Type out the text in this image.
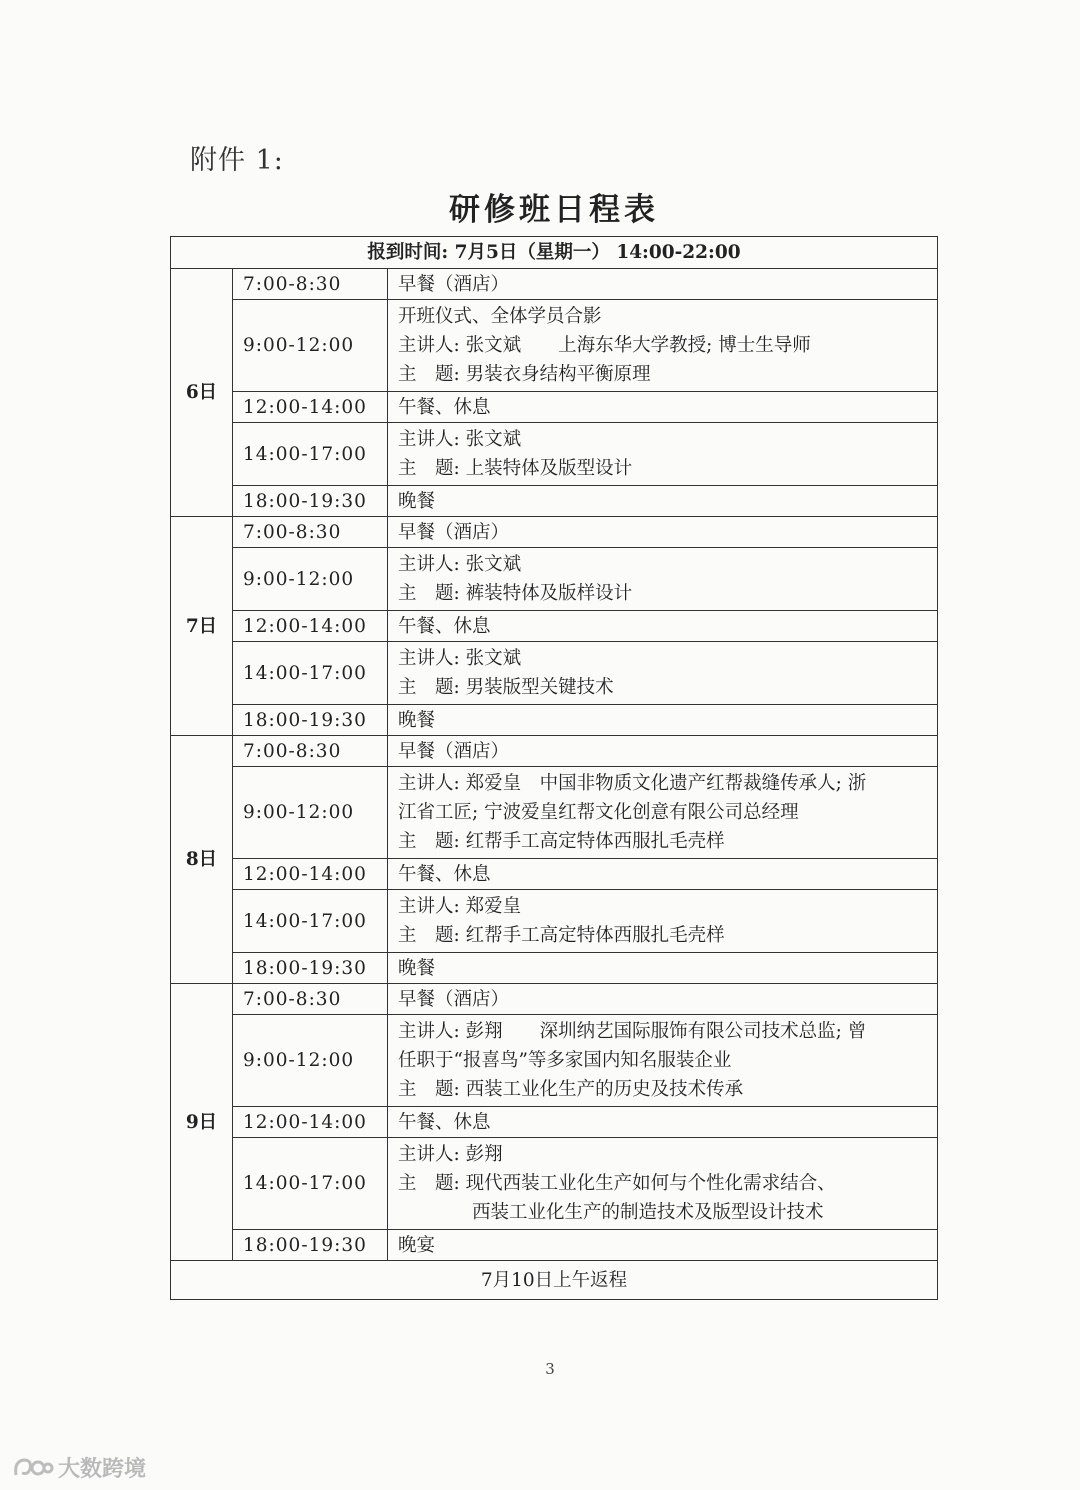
附件 1:
研修班日程表
报到时间: 7月5日（星期一） 14:00-22:00		
6日	7:00-8:30	早餐（酒店）

	9:00-12:00	开班仪式、全体学员合影
主讲人: 张文斌　　上海东华大学教授; 博士生导师
主　题: 男装衣身结构平衡原理

	12:00-14:00	午餐、休息

	14:00-17:00	主讲人: 张文斌
主　题: 上装特体及版型设计

	18:00-19:30	晚餐

7日	7:00-8:30	早餐（酒店）

	9:00-12:00	主讲人: 张文斌
主　题: 裤装特体及版样设计

	12:00-14:00	午餐、休息

	14:00-17:00	主讲人: 张文斌
主　题: 男装版型关键技术

	18:00-19:30	晚餐

8日	7:00-8:30	早餐（酒店）

	9:00-12:00	主讲人: 郑爱皇　中国非物质文化遗产红帮裁缝传承人; 浙
江省工匠; 宁波爱皇红帮文化创意有限公司总经理
主　题: 红帮手工高定特体西服扎毛壳样

	12:00-14:00	午餐、休息

	14:00-17:00	主讲人: 郑爱皇
主　题: 红帮手工高定特体西服扎毛壳样

	18:00-19:30	晚餐

9日	7:00-8:30	早餐（酒店）

	9:00-12:00	主讲人: 彭翔　　深圳纳艺国际服饰有限公司技术总监; 曾
任职于“报喜鸟”等多家国内知名服装企业
主　题: 西装工业化生产的历史及技术传承

	12:00-14:00	午餐、休息

	14:00-17:00	主讲人: 彭翔
主　题: 现代西装工业化生产如何与个性化需求结合、
　　　　西装工业化生产的制造技术及版型设计技术

	18:00-19:30	晚宴

7月10日上午返程		
3
大数跨境
